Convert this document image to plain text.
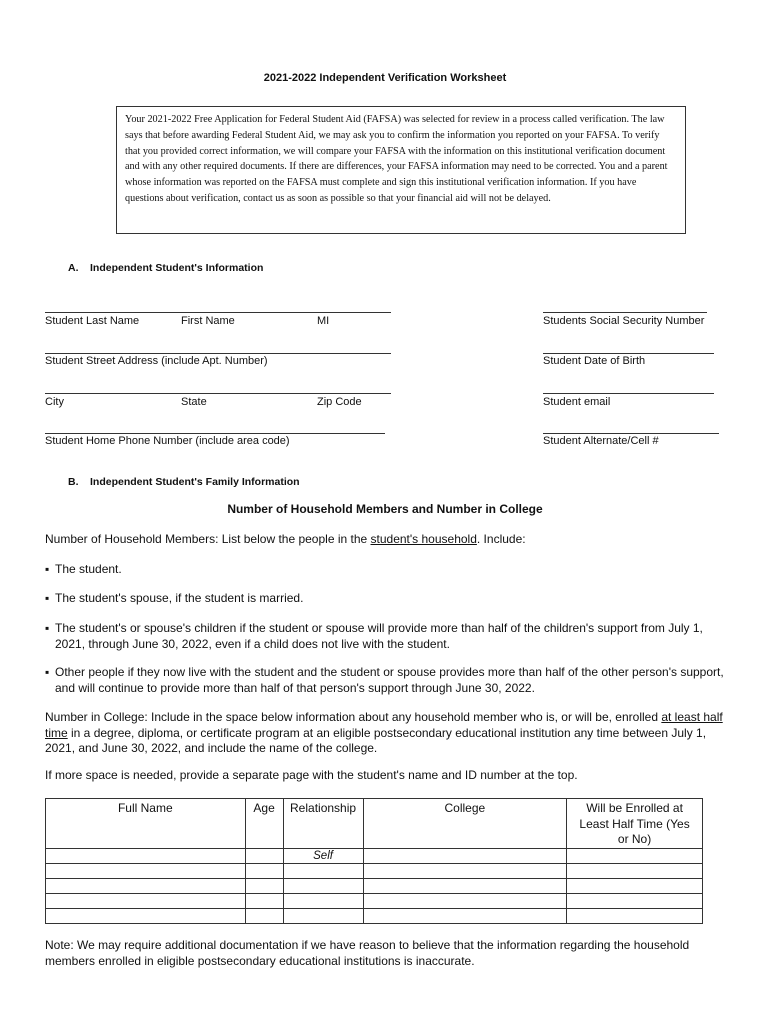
2021-2022 Independent Verification Worksheet
Your 2021-2022 Free Application for Federal Student Aid (FAFSA) was selected for review in a process called verification. The law says that before awarding Federal Student Aid, we may ask you to confirm the information you reported on your FAFSA. To verify that you provided correct information, we will compare your FAFSA with the information on this institutional verification document and with any other required documents. If there are differences, your FAFSA information may need to be corrected. You and a parent whose information was reported on the FAFSA must complete and sign this institutional verification information. If you have questions about verification, contact us as soon as possible so that your financial aid will not be delayed.
A. Independent Student's Information
Student Last Name	First Name	MI	Students Social Security Number
Student Street Address (include Apt. Number)	Student Date of Birth
City	State	Zip Code	Student email
Student Home Phone Number (include area code)	Student Alternate/Cell #
B. Independent Student's Family Information
Number of Household Members and Number in College
Number of Household Members: List below the people in the student's household. Include:
▪ The student.
▪ The student's spouse, if the student is married.
▪ The student's or spouse's children if the student or spouse will provide more than half of the children's support from July 1, 2021, through June 30, 2022, even if a child does not live with the student.
▪ Other people if they now live with the student and the student or spouse provides more than half of the other person's support, and will continue to provide more than half of that person's support through June 30, 2022.
Number in College: Include in the space below information about any household member who is, or will be, enrolled at least half time in a degree, diploma, or certificate program at an eligible postsecondary educational institution any time between July 1, 2021, and June 30, 2022, and include the name of the college.
If more space is needed, provide a separate page with the student's name and ID number at the top.
Full Name	Age	Relationship	College	Will be Enrolled at Least Half Time (Yes or No)
		Self		

Note: We may require additional documentation if we have reason to believe that the information regarding the household members enrolled in eligible postsecondary educational institutions is inaccurate.
